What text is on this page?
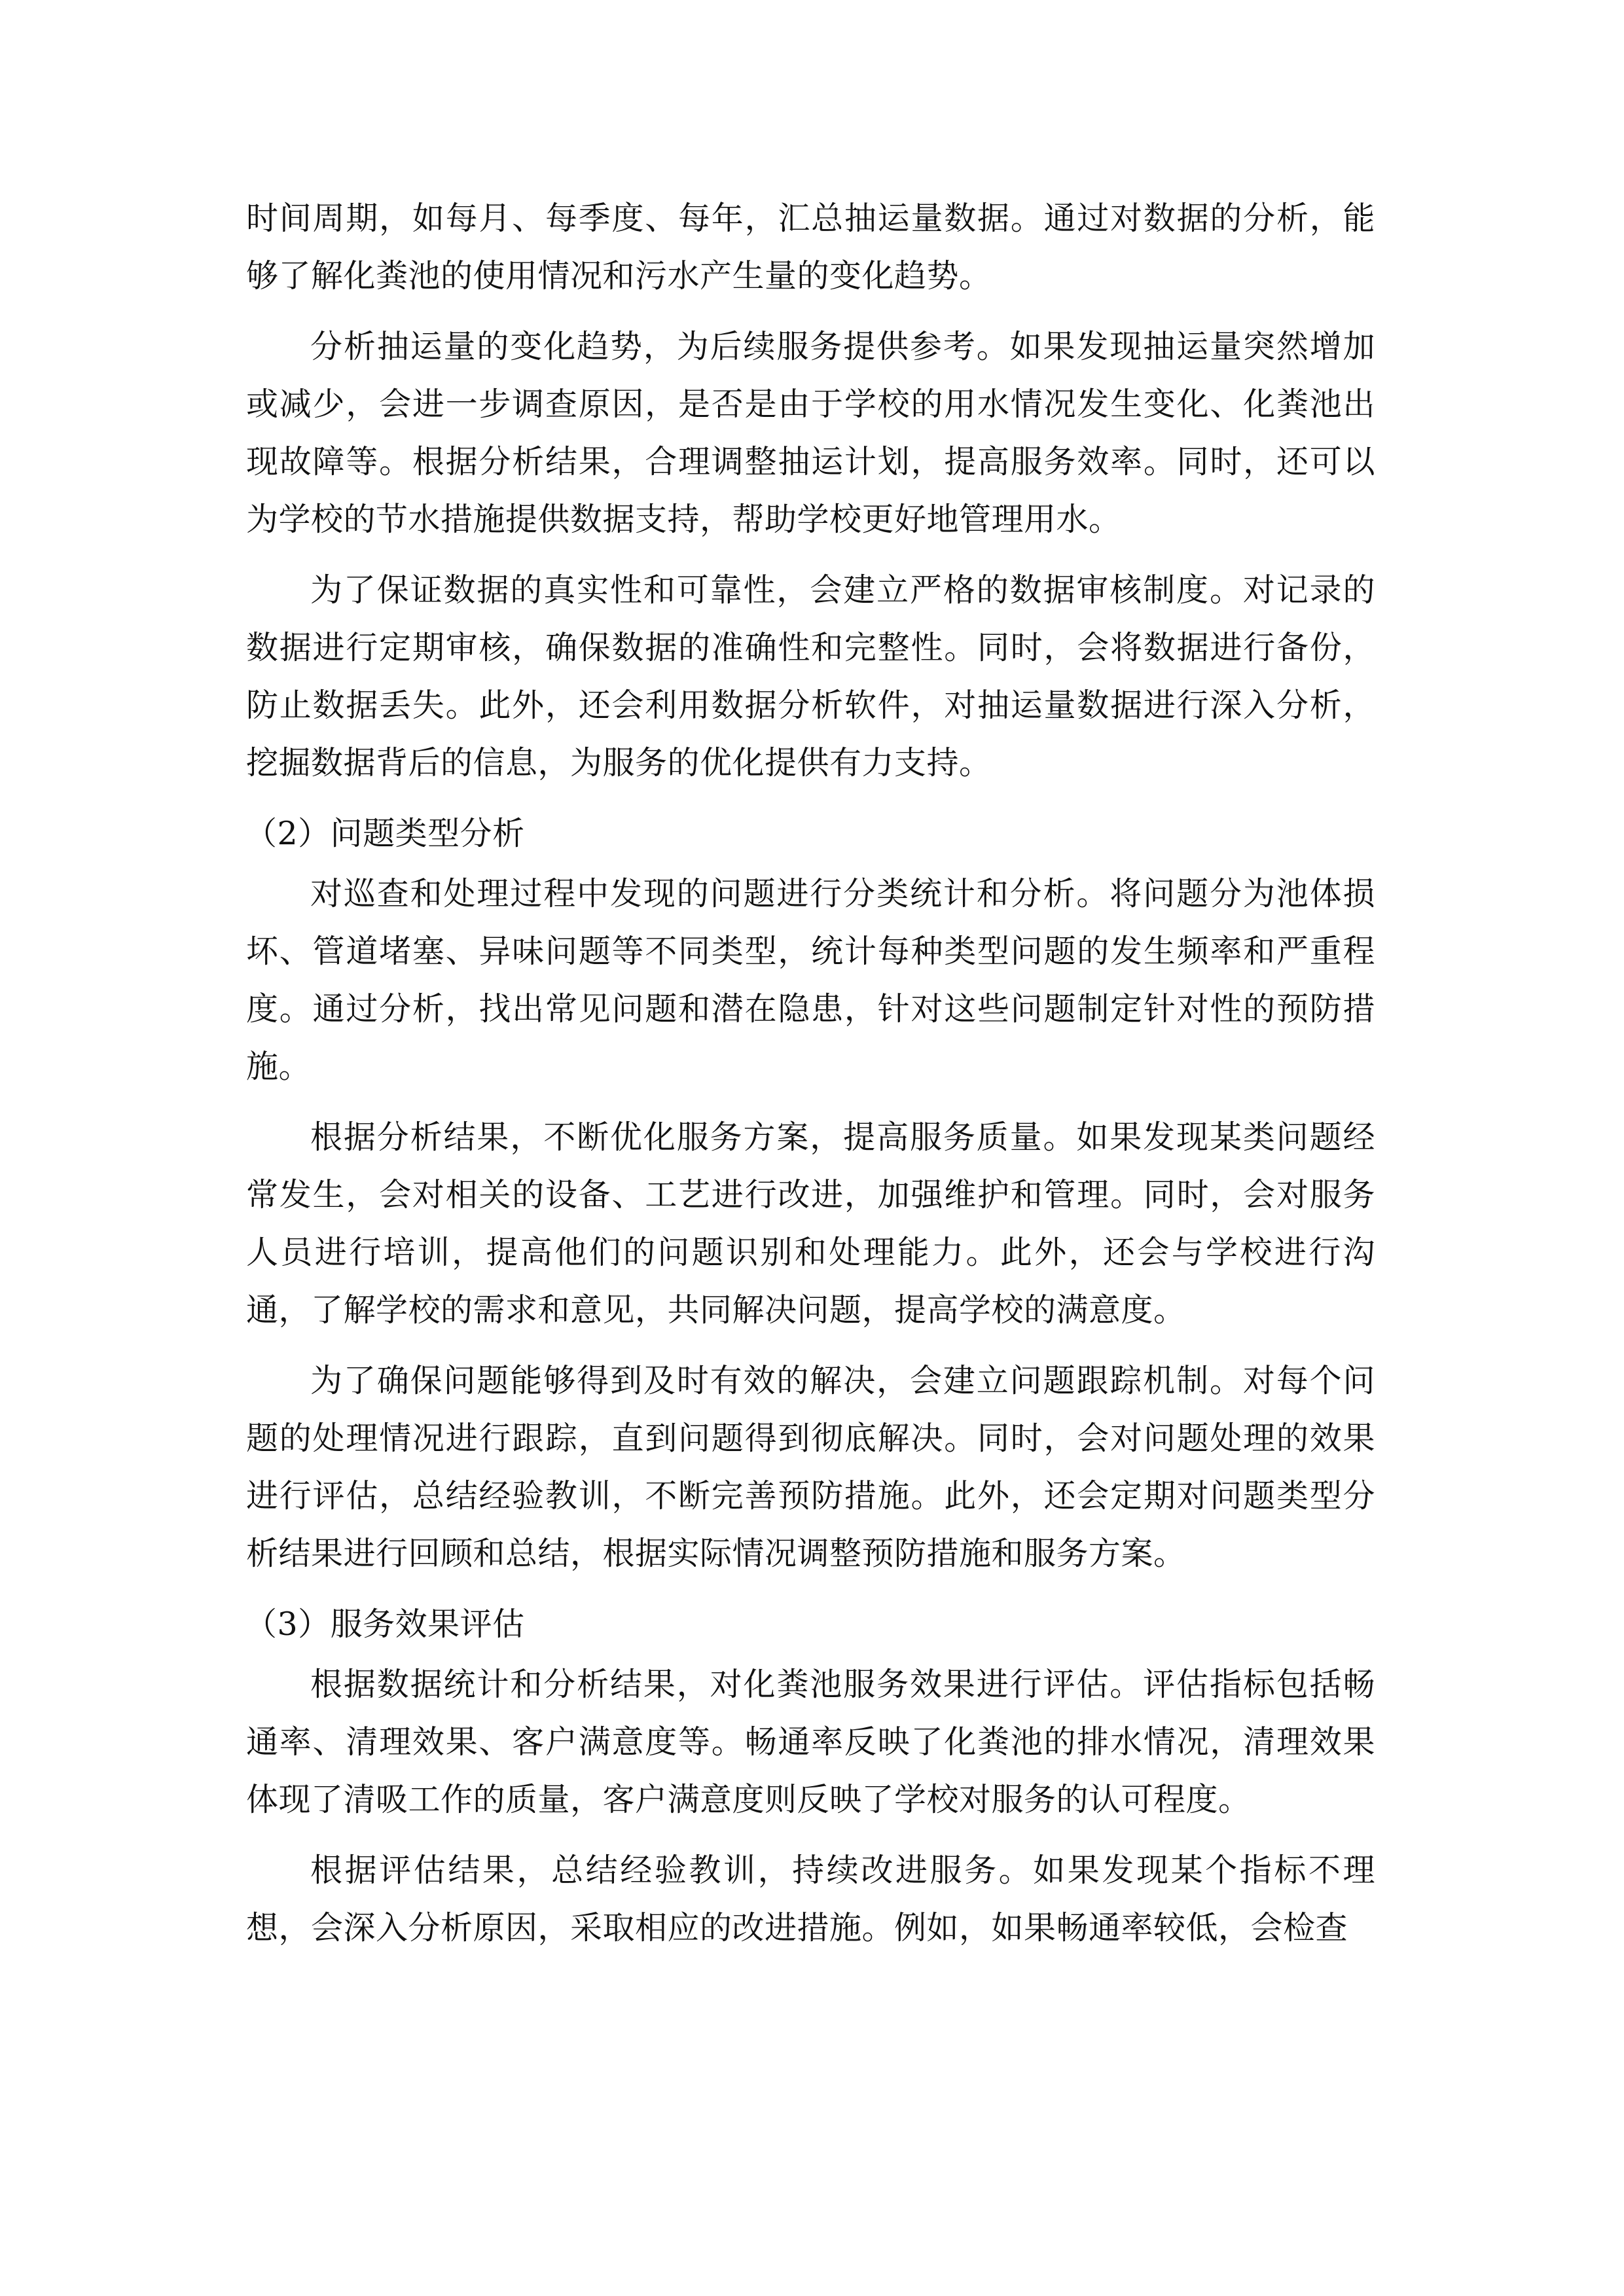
时间周期，如每月、每季度、每年，汇总抽运量数据。通过对数据的分析，能够了解化粪池的使用情况和污水产生量的变化趋势。

分析抽运量的变化趋势，为后续服务提供参考。如果发现抽运量突然增加或减少，会进一步调查原因，是否是由于学校的用水情况发生变化、化粪池出现故障等。根据分析结果，合理调整抽运计划，提高服务效率。同时，还可以为学校的节水措施提供数据支持，帮助学校更好地管理用水。

为了保证数据的真实性和可靠性，会建立严格的数据审核制度。对记录的数据进行定期审核，确保数据的准确性和完整性。同时，会将数据进行备份，防止数据丢失。此外，还会利用数据分析软件，对抽运量数据进行深入分析，挖掘数据背后的信息，为服务的优化提供有力支持。

（2）问题类型分析

对巡查和处理过程中发现的问题进行分类统计和分析。将问题分为池体损坏、管道堵塞、异味问题等不同类型，统计每种类型问题的发生频率和严重程度。通过分析，找出常见问题和潜在隐患，针对这些问题制定针对性的预防措施。

根据分析结果，不断优化服务方案，提高服务质量。如果发现某类问题经常发生，会对相关的设备、工艺进行改进，加强维护和管理。同时，会对服务人员进行培训，提高他们的问题识别和处理能力。此外，还会与学校进行沟通，了解学校的需求和意见，共同解决问题，提高学校的满意度。

为了确保问题能够得到及时有效的解决，会建立问题跟踪机制。对每个问题的处理情况进行跟踪，直到问题得到彻底解决。同时，会对问题处理的效果进行评估，总结经验教训，不断完善预防措施。此外，还会定期对问题类型分析结果进行回顾和总结，根据实际情况调整预防措施和服务方案。

（3）服务效果评估

根据数据统计和分析结果，对化粪池服务效果进行评估。评估指标包括畅通率、清理效果、客户满意度等。畅通率反映了化粪池的排水情况，清理效果体现了清吸工作的质量，客户满意度则反映了学校对服务的认可程度。

根据评估结果，总结经验教训，持续改进服务。如果发现某个指标不理想，会深入分析原因，采取相应的改进措施。例如，如果畅通率较低，会检查
